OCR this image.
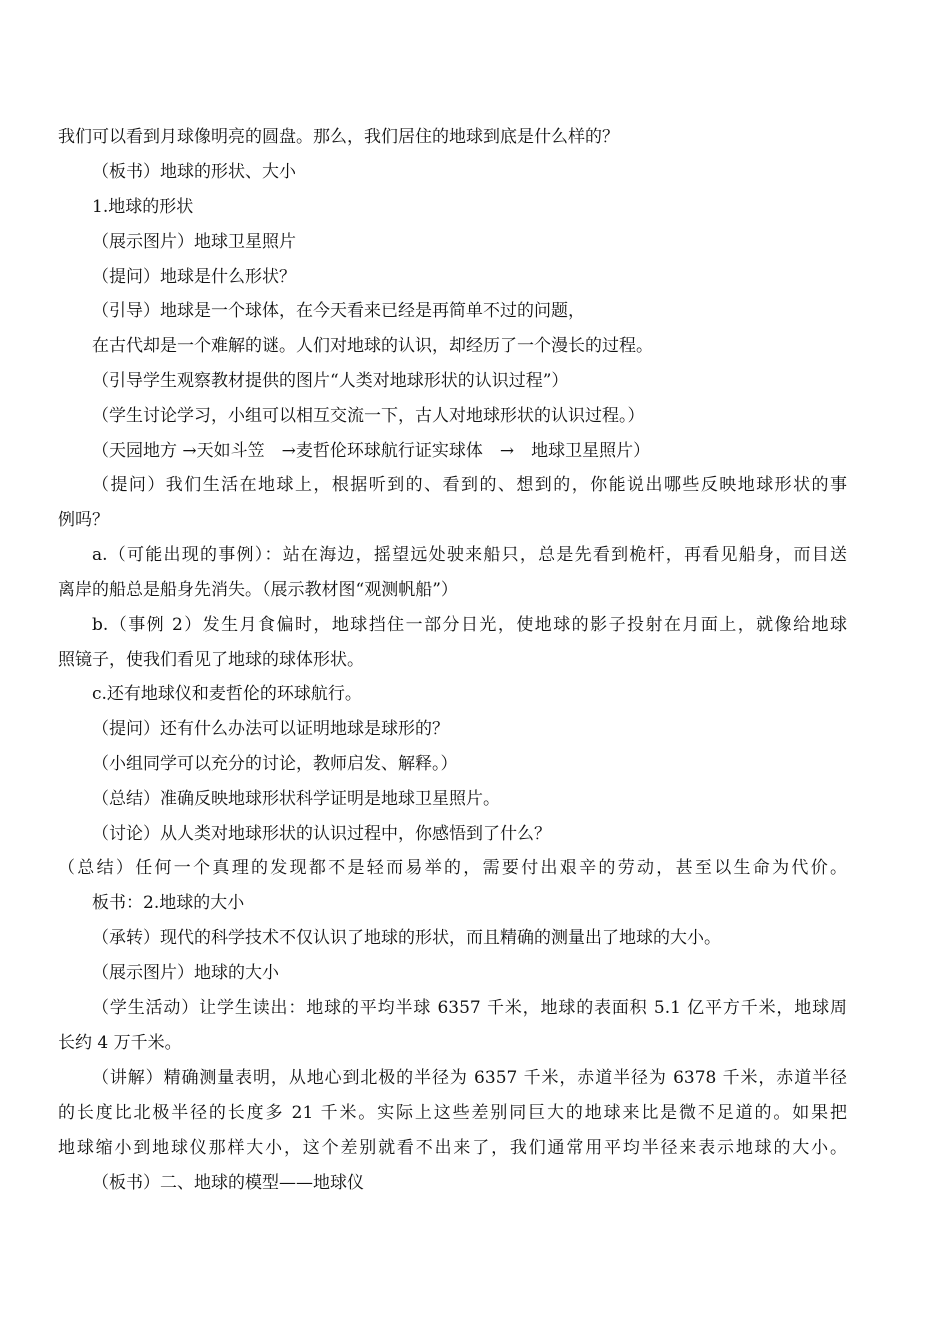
我们可以看到月球像明亮的圆盘。那么，我们居住的地球到底是什么样的？
（板书）地球的形状、大小
1.地球的形状
（展示图片）地球卫星照片
（提问）地球是什么形状？
（引导）地球是一个球体，在今天看来已经是再简单不过的问题，
在古代却是一个难解的谜。人们对地球的认识，却经历了一个漫长的过程。
（引导学生观察教材提供的图片“人类对地球形状的认识过程”）
（学生讨论学习，小组可以相互交流一下，古人对地球形状的认识过程。）
（天园地方 →天如斗笠　→麦哲伦环球航行证实球体　→　地球卫星照片）
（提问）我们生活在地球上，根据听到的、看到的、想到的，你能说出哪些反映地球形状的事
例吗？
a.（可能出现的事例）：站在海边，摇望远处驶来船只，总是先看到桅杆，再看见船身，而目送
离岸的船总是船身先消失。（展示教材图“观测帆船”）
b.（事例 2）发生月食偏时，地球挡住一部分日光，使地球的影子投射在月面上，就像给地球
照镜子，使我们看见了地球的球体形状。
c.还有地球仪和麦哲伦的环球航行。
（提问）还有什么办法可以证明地球是球形的？
（小组同学可以充分的讨论，教师启发、解释。）
（总结）准确反映地球形状科学证明是地球卫星照片。
（讨论）从人类对地球形状的认识过程中，你感悟到了什么？
（总结）任何一个真理的发现都不是轻而易举的，需要付出艰辛的劳动，甚至以生命为代价。
板书：2.地球的大小
（承转）现代的科学技术不仅认识了地球的形状，而且精确的测量出了地球的大小。
（展示图片）地球的大小
（学生活动）让学生读出：地球的平均半球 6357 千米，地球的表面积 5.1 亿平方千米，地球周
长约 4 万千米。
（讲解）精确测量表明，从地心到北极的半径为 6357 千米，赤道半径为 6378 千米，赤道半径
的长度比北极半径的长度多 21 千米。实际上这些差别同巨大的地球来比是微不足道的。如果把
地球缩小到地球仪那样大小，这个差别就看不出来了，我们通常用平均半径来表示地球的大小。
（板书）二、地球的模型——地球仪
